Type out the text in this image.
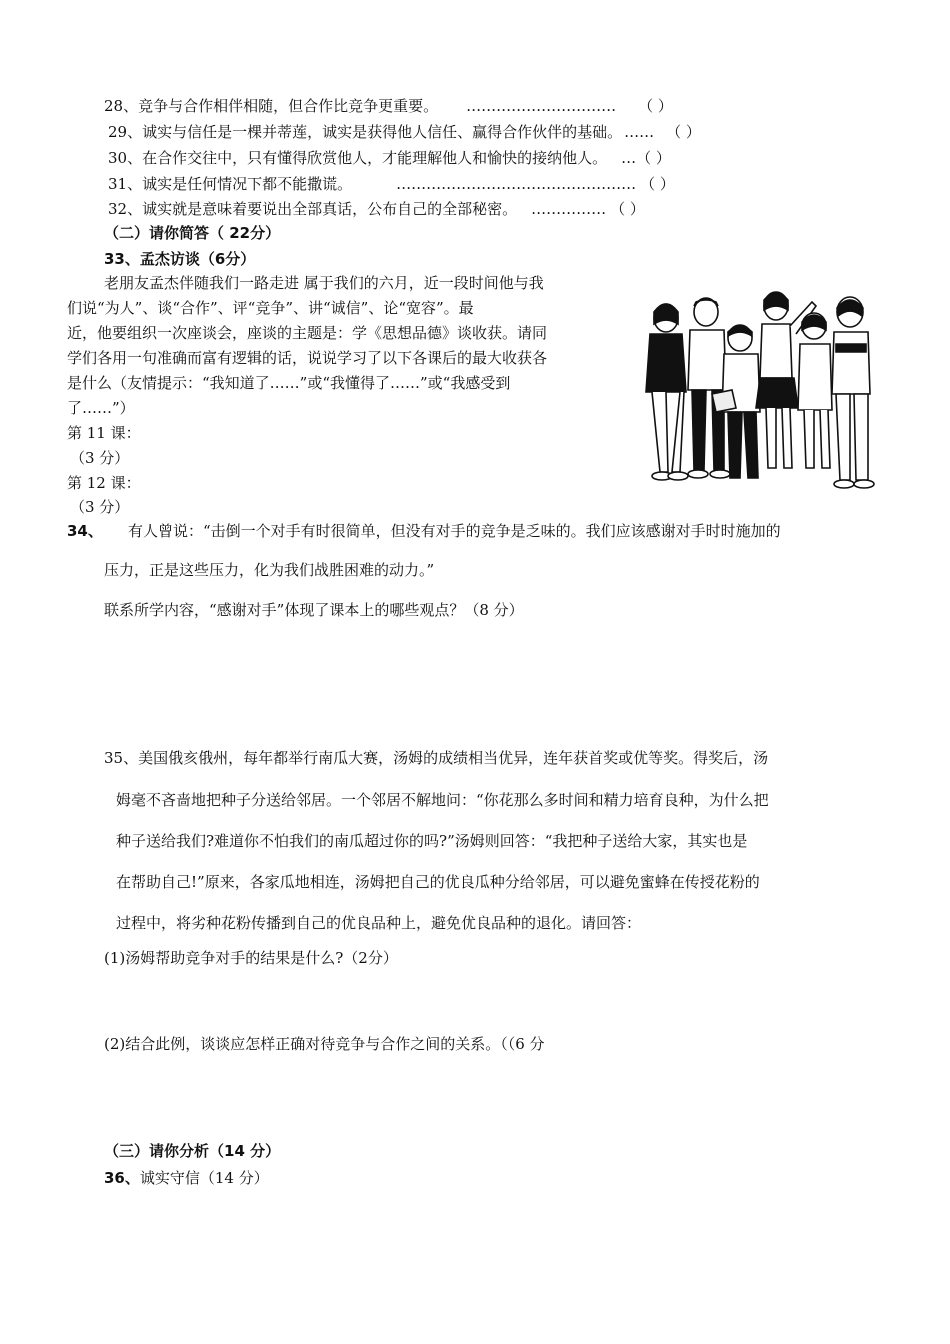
28、 竞争与合作相伴相随，但合作比竞争更重要。 ………………………… （ ）
29、 诚实与信任是一棵并蒂莲，诚实是获得他人信任、赢得合作伙伴的基础。 …… （ ）
30、 在合作交往中，只有懂得欣赏他人，才能理解他人和愉快的接纳他人。 … （ ）
31、 诚实是任何情况下都不能撒谎。	………………………………………… （ ）
32、 诚实就是意味着要说出全部真话，公布自己的全部秘密。 …………… （ ）
（二）请你简答（ 22分）
33、孟杰访谈（6分）
老朋友孟杰伴随我们一路走进 属于我们的六月，近一段时间他与我
们说“为人”、谈“合作”、评“竞争”、讲“诚信”、论“宽容”。最
近，他要组织一次座谈会，座谈的主题是：学《思想品德》谈收获。请同
学们各用一句准确而富有逻辑的话，说说学习了以下各课后的最大收获各
是什么（友情提示：“我知道了……”或“我懂得了……”或“我感受到
了……”）
第 11 课：
（3 分）
第 12 课：
（3 分）
34、 有人曾说：“击倒一个对手有时很简单，但没有对手的竞争是乏味的。我们应该感谢对手时时施加的
压力，正是这些压力，化为我们战胜困难的动力。”
联系所学内容，“感谢对手”体现了课本上的哪些观点？（8 分）
35、美国俄亥俄州，每年都举行南瓜大赛，汤姆的成绩相当优异，连年获首奖或优等奖。得奖后，汤
姆毫不吝啬地把种子分送给邻居。一个邻居不解地问：“你花那么多时间和精力培育良种，为什么把
种子送给我们?难道你不怕我们的南瓜超过你的吗?”汤姆则回答：“我把种子送给大家，其实也是
在帮助自己!”原来，各家瓜地相连，汤姆把自己的优良瓜种分给邻居，可以避免蜜蜂在传授花粉的
过程中，将劣种花粉传播到自己的优良品种上，避免优良品种的退化。请回答：
(1)汤姆帮助竞争对手的结果是什么?（2分）
(2)结合此例，谈谈应怎样正确对待竞争与合作之间的关系。（（6 分
（三）请你分析（14 分）
36、诚实守信（14 分）
